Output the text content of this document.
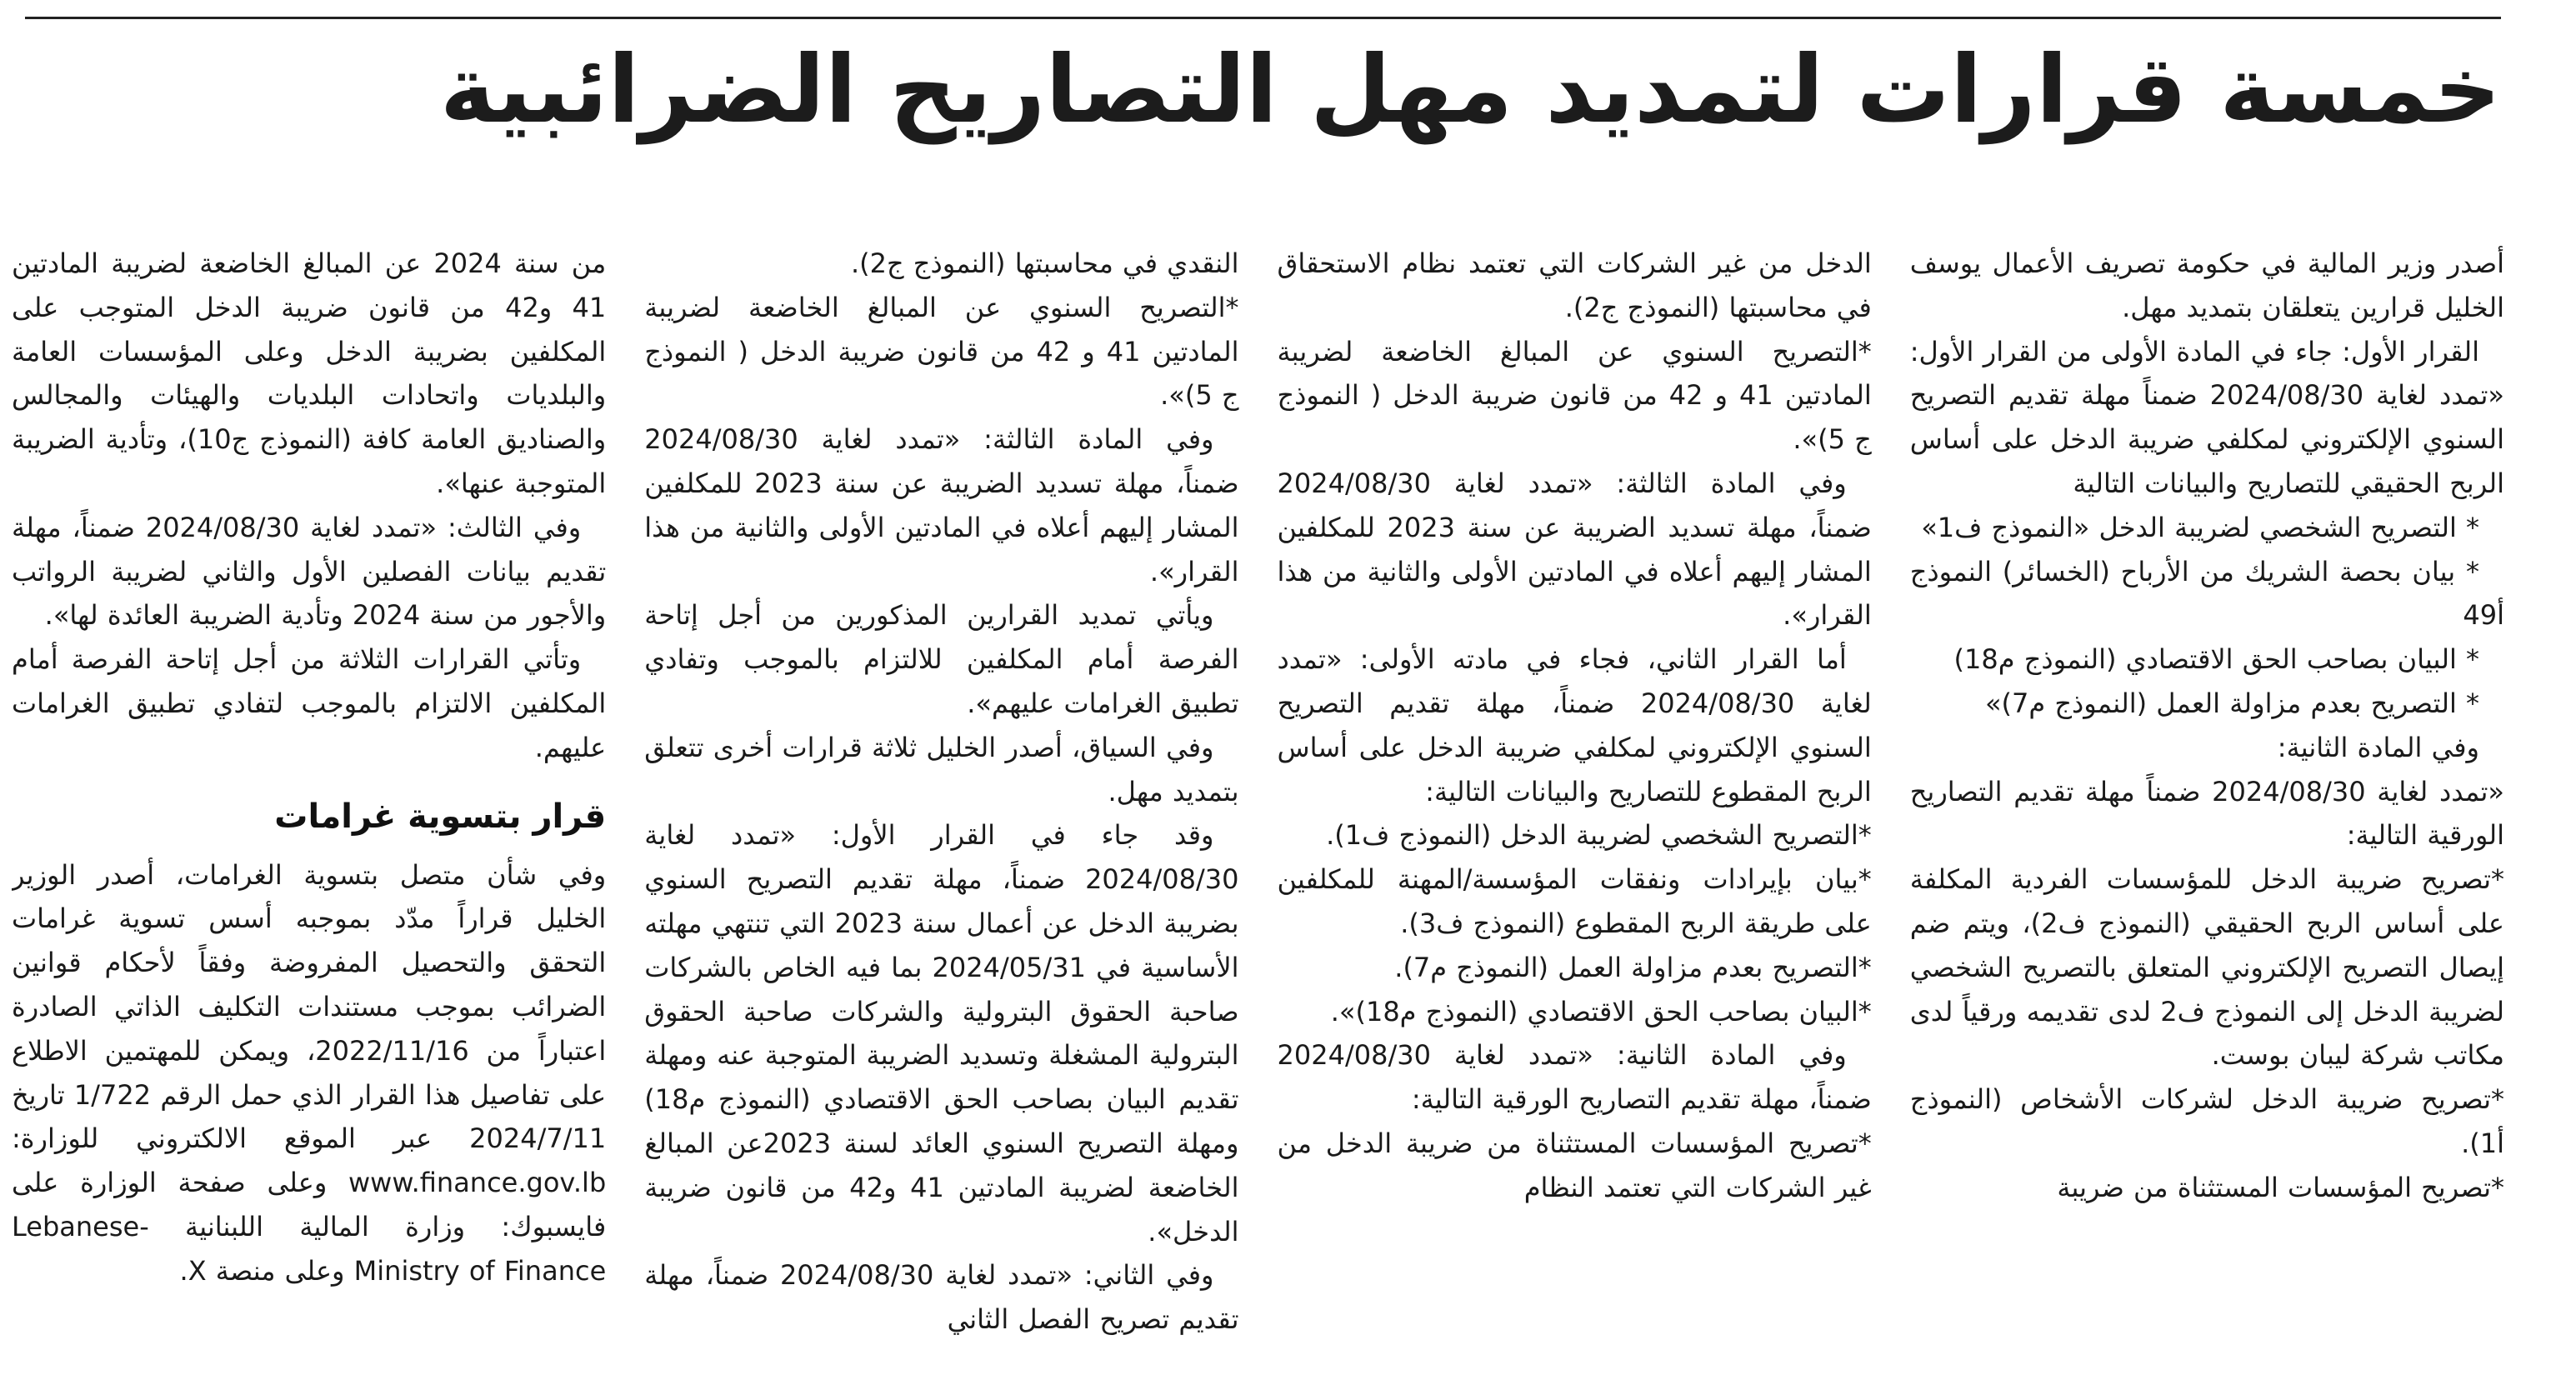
خمسة قرارات لتمديد مهل التصاريح الضرائبية

أصدر وزير المالية في حكومة تصريف الأعمال يوسف الخليل قرارين يتعلقان بتمديد مهل.

القرار الأول: جاء في المادة الأولى من القرار الأول: «تمدد لغاية 2024/08/30 ضمناً مهلة تقديم التصريح السنوي الإلكتروني لمكلفي ضريبة الدخل على أساس الربح الحقيقي للتصاريح والبيانات التالية

* التصريح الشخصي لضريبة الدخل «النموذج ف1»

* بيان بحصة الشريك من الأرباح (الخسائر) النموذج أ49

* البيان بصاحب الحق الاقتصادي (النموذج م18)

* التصريح بعدم مزاولة العمل (النموذج م7)»

وفي المادة الثانية:

«تمدد لغاية 2024/08/30 ضمناً مهلة تقديم التصاريح الورقية التالية:

*تصريح ضريبة الدخل للمؤسسات الفردية المكلفة على أساس الربح الحقيقي (النموذج ف2)، ويتم ضم إيصال التصريح الإلكتروني المتعلق بالتصريح الشخصي لضريبة الدخل إلى النموذج ف2 لدى تقديمه ورقياً لدى مكاتب شركة ليبان بوست.

*تصريح ضريبة الدخل لشركات الأشخاص (النموذج أ1).

*تصريح المؤسسات المستثناة من ضريبة

الدخل من غير الشركات التي تعتمد نظام الاستحقاق في محاسبتها (النموذج ج2).

*التصريح السنوي عن المبالغ الخاضعة لضريبة المادتين 41 و 42 من قانون ضريبة الدخل ( النموذج ج 5)».

وفي المادة الثالثة: «تمدد لغاية 2024/08/30 ضمناً، مهلة تسديد الضريبة عن سنة 2023 للمكلفين المشار إليهم أعلاه في المادتين الأولى والثانية من هذا القرار».

أما القرار الثاني، فجاء في مادته الأولى: «تمدد لغاية 2024/08/30 ضمناً، مهلة تقديم التصريح السنوي الإلكتروني لمكلفي ضريبة الدخل على أساس الربح المقطوع للتصاريح والبيانات التالية:

*التصريح الشخصي لضريبة الدخل (النموذج ف1).

*بيان بإيرادات ونفقات المؤسسة/المهنة للمكلفين على طريقة الربح المقطوع (النموذج ف3).

*التصريح بعدم مزاولة العمل (النموذج م7).

*البيان بصاحب الحق الاقتصادي (النموذج م18)».

وفي المادة الثانية: «تمدد لغاية 2024/08/30 ضمناً، مهلة تقديم التصاريح الورقية التالية:

*تصريح المؤسسات المستثناة من ضريبة الدخل من غير الشركات التي تعتمد النظام

النقدي في محاسبتها (النموذج ج2).

*التصريح السنوي عن المبالغ الخاضعة لضريبة المادتين 41 و 42 من قانون ضريبة الدخل ( النموذج ج 5)».

وفي المادة الثالثة: «تمدد لغاية 2024/08/30 ضمناً، مهلة تسديد الضريبة عن سنة 2023 للمكلفين المشار إليهم أعلاه في المادتين الأولى والثانية من هذا القرار».

ويأتي تمديد القرارين المذكورين من أجل إتاحة الفرصة أمام المكلفين للالتزام بالموجب وتفادي تطبيق الغرامات عليهم».

وفي السياق، أصدر الخليل ثلاثة قرارات أخرى تتعلق بتمديد مهل.

وقد جاء في القرار الأول: «تمدد لغاية 2024/08/30 ضمناً، مهلة تقديم التصريح السنوي بضريبة الدخل عن أعمال سنة 2023 التي تنتهي مهلته الأساسية في 2024/05/31 بما فيه الخاص بالشركات صاحبة الحقوق البترولية والشركات صاحبة الحقوق البترولية المشغلة وتسديد الضريبة المتوجبة عنه ومهلة تقديم البيان بصاحب الحق الاقتصادي (النموذج م18) ومهلة التصريح السنوي العائد لسنة 2023عن المبالغ الخاضعة لضريبة المادتين 41 و42 من قانون ضريبة الدخل».

وفي الثاني: «تمدد لغاية 2024/08/30 ضمناً، مهلة تقديم تصريح الفصل الثاني

من سنة 2024 عن المبالغ الخاضعة لضريبة المادتين 41 و42 من قانون ضريبة الدخل المتوجب على المكلفين بضريبة الدخل وعلى المؤسسات العامة والبلديات واتحادات البلديات والهيئات والمجالس والصناديق العامة كافة (النموذج ج10)، وتأدية الضريبة المتوجبة عنها».

وفي الثالث: «تمدد لغاية 2024/08/30 ضمناً، مهلة تقديم بيانات الفصلين الأول والثاني لضريبة الرواتب والأجور من سنة 2024 وتأدية الضريبة العائدة لها».

وتأتي القرارات الثلاثة من أجل إتاحة الفرصة أمام المكلفين الالتزام بالموجب لتفادي تطبيق الغرامات عليهم.

قرار بتسوية غرامات

وفي شأن متصل بتسوية الغرامات، أصدر الوزير الخليل قراراً مدّد بموجبه أسس تسوية غرامات التحقق والتحصيل المفروضة وفقاً لأحكام قوانين الضرائب بموجب مستندات التكليف الذاتي الصادرة اعتباراً من 2022/11/16، ويمكن للمهتمين الاطلاع على تفاصيل هذا القرار الذي حمل الرقم 1/722 تاريخ 2024/7/11 عبر الموقع الالكتروني للوزارة: www.finance.gov.lb وعلى صفحة الوزارة على فايسبوك: وزارة المالية اللبنانية -Lebanese Ministry of Finance وعلى منصة X.
